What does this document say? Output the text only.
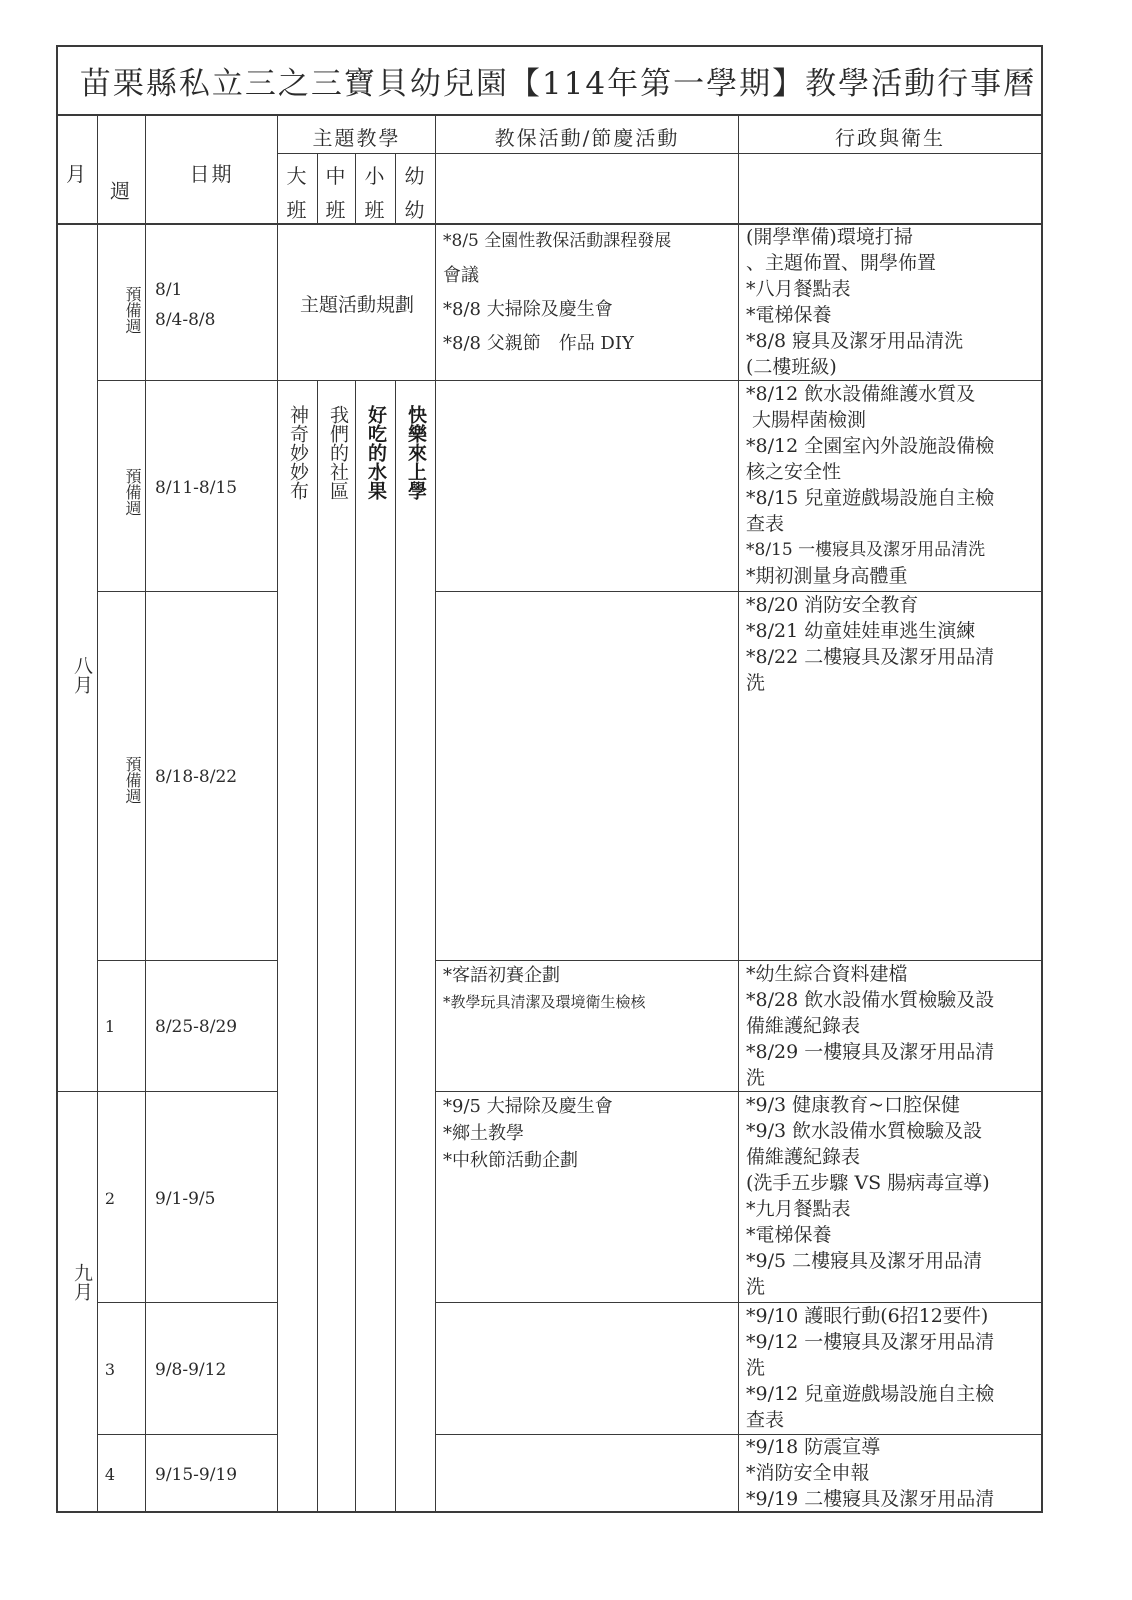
苗栗縣私立三之三寶貝幼兒園【114年第一學期】教學活動行事曆
月
週
日期
主題教學	教保活動/節慶活動	行政與衛生
大
班
中
班
小
班
幼
幼
八月
九月
預備週
預備週
預備週
1
2
3
4
8/1
8/4-8/8
8/11-8/15
8/18-8/22
8/25-8/29
9/1-9/5
9/8-9/12
9/15-9/19
主題活動規劃
神奇妙妙布 我們的社區 好吃的水果 快樂來上學
*8/5 全園性教保活動課程發展
會議
*8/8 大掃除及慶生會
*8/8 父親節　作品 DIY
*客語初賽企劃
*教學玩具清潔及環境衛生檢核
*9/5 大掃除及慶生會
*鄉土教學
*中秋節活動企劃
(開學準備)環境打掃
、主題佈置、開學佈置
*八月餐點表
*電梯保養
*8/8 寢具及潔牙用品清洗
(二樓班級)
*8/12 飲水設備維護水質及
大腸桿菌檢測
*8/12 全園室內外設施設備檢
核之安全性
*8/15 兒童遊戲場設施自主檢
查表
*8/15 一樓寢具及潔牙用品清洗
*期初測量身高體重
*8/20 消防安全教育
*8/21 幼童娃娃車逃生演練
*8/22 二樓寢具及潔牙用品清
洗
*幼生綜合資料建檔
*8/28 飲水設備水質檢驗及設
備維護紀錄表
*8/29 一樓寢具及潔牙用品清
洗
*9/3 健康教育~口腔保健
*9/3 飲水設備水質檢驗及設
備維護紀錄表
(洗手五步驟 VS 腸病毒宣導)
*九月餐點表
*電梯保養
*9/5 二樓寢具及潔牙用品清
洗
*9/10 護眼行動(6招12要件)
*9/12 一樓寢具及潔牙用品清
洗
*9/12 兒童遊戲場設施自主檢
查表
*9/18 防震宣導
*消防安全申報
*9/19 二樓寢具及潔牙用品清
